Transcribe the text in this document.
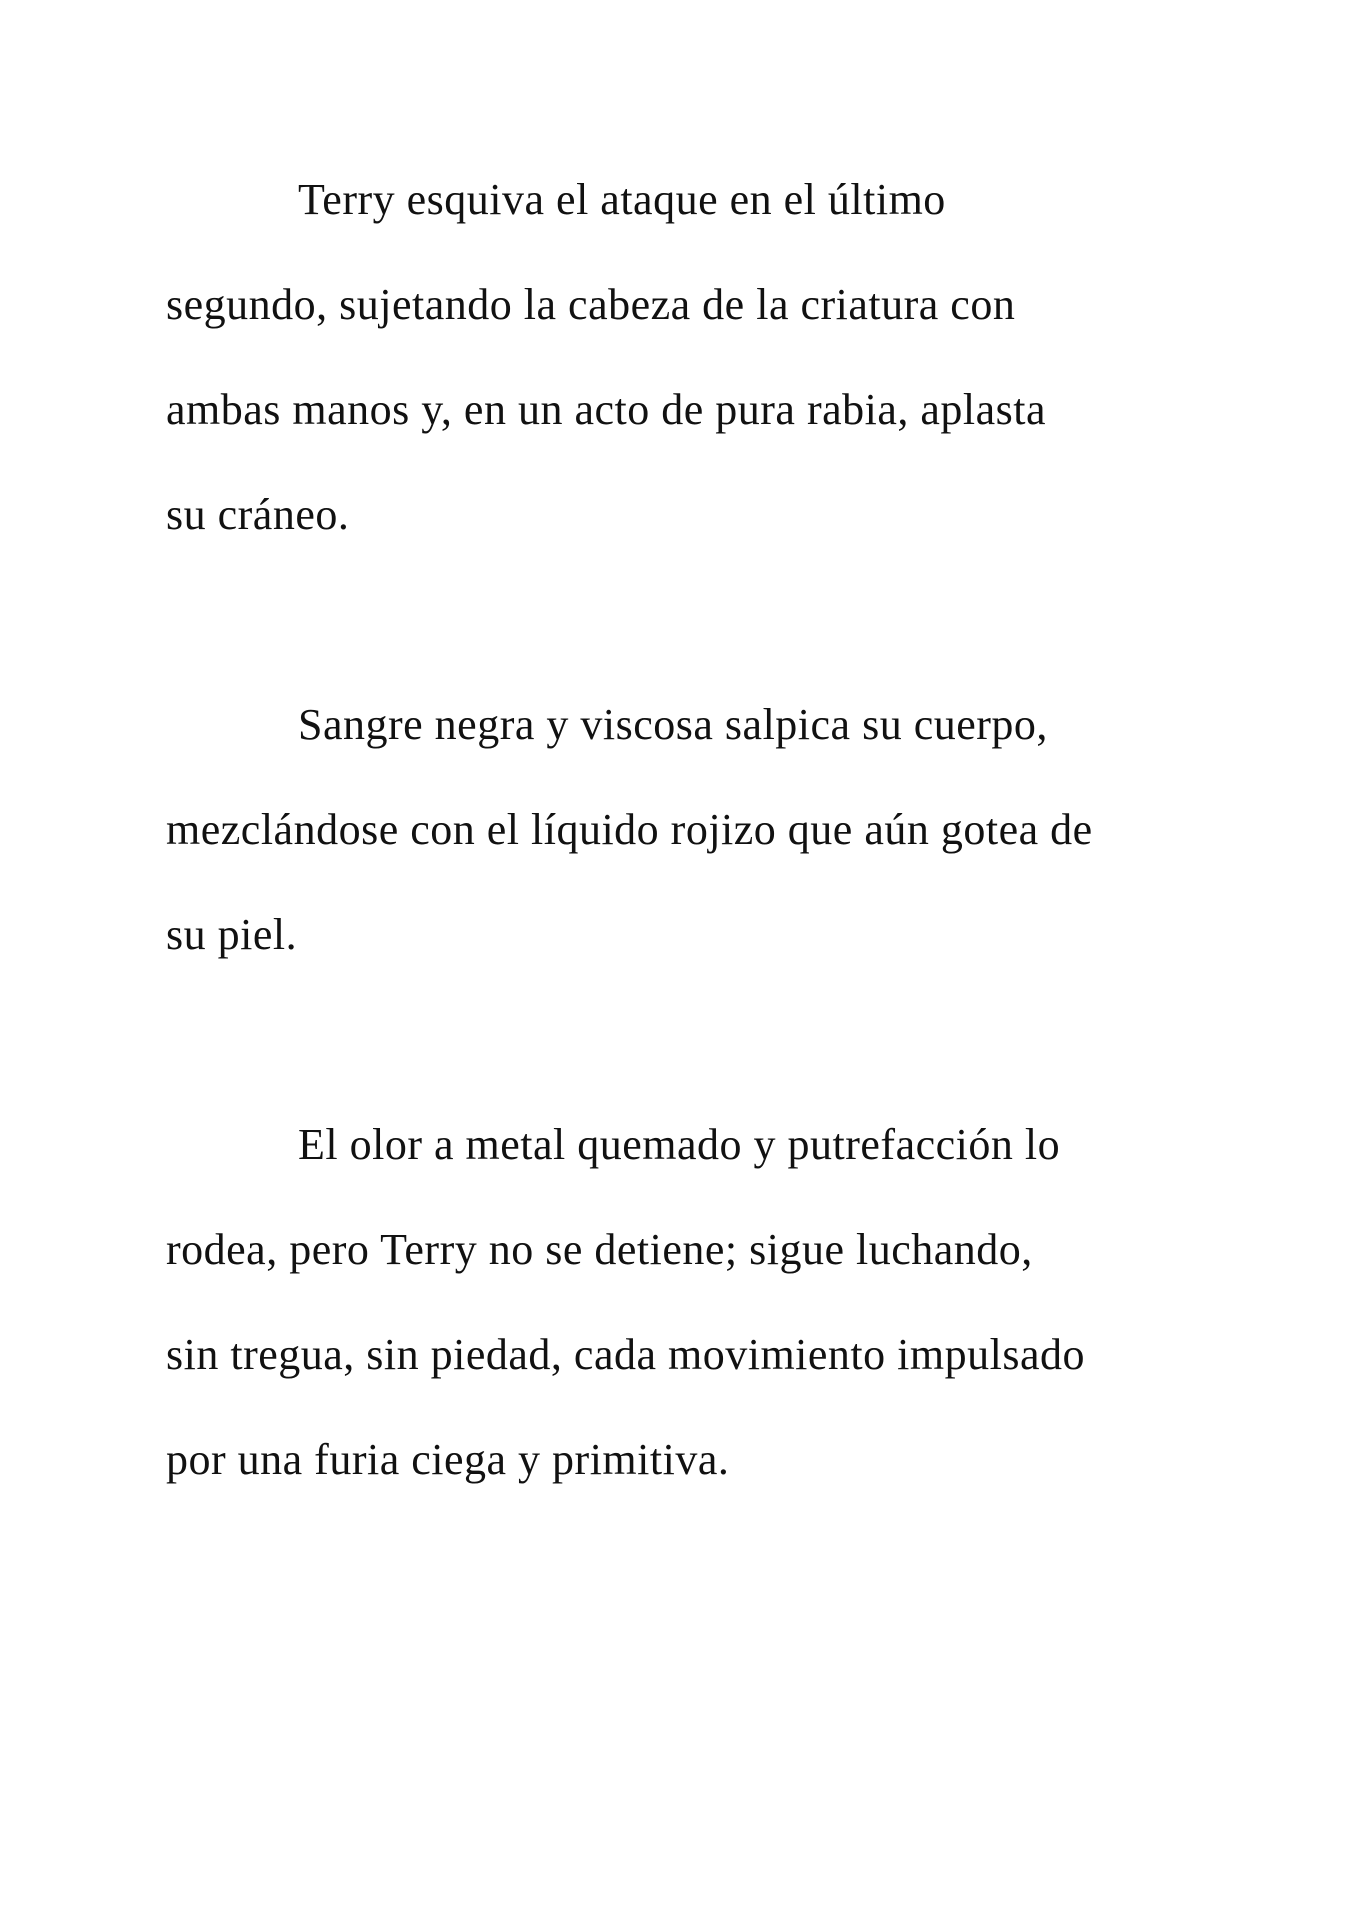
Terry esquiva el ataque en el último
segundo, sujetando la cabeza de la criatura con
ambas manos y, en un acto de pura rabia, aplasta
su cráneo.
Sangre negra y viscosa salpica su cuerpo,
mezclándose con el líquido rojizo que aún gotea de
su piel.
El olor a metal quemado y putrefacción lo
rodea, pero Terry no se detiene; sigue luchando,
sin tregua, sin piedad, cada movimiento impulsado
por una furia ciega y primitiva.
